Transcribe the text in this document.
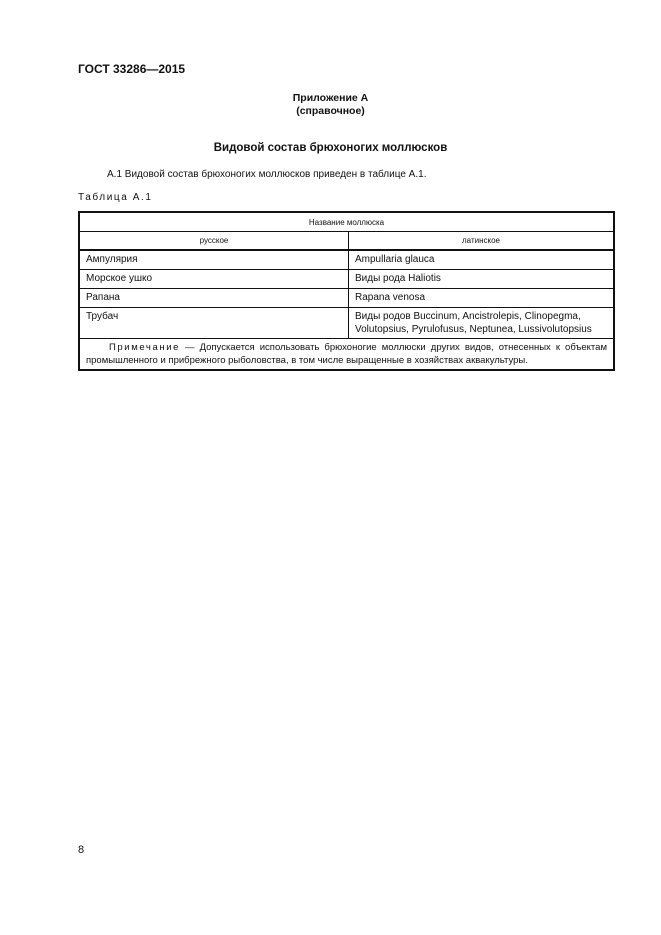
ГОСТ 33286—2015
Приложение А
(справочное)
Видовой состав брюхоногих моллюсков
А.1 Видовой состав брюхоногих моллюсков приведен в таблице А.1.
Таблица А.1
Название моллюска	
русское	латинское
Ампулярия	Ampullaria glauca
Морское ушко	Виды рода Haliotis
Рапана	Rapana venosa
Трубач	Виды родов Buccinum, Ancistrolepis, Clinopegma, Volutopsius, Pyrulofusus, Neptunea, Lussivolutopsius
Примечание — Допускается использовать брюхоногие моллюски других видов, отнесенных к объектам промышленного и прибрежного рыболовства, в том числе выращенные в хозяйствах аквакультуры.	
8
